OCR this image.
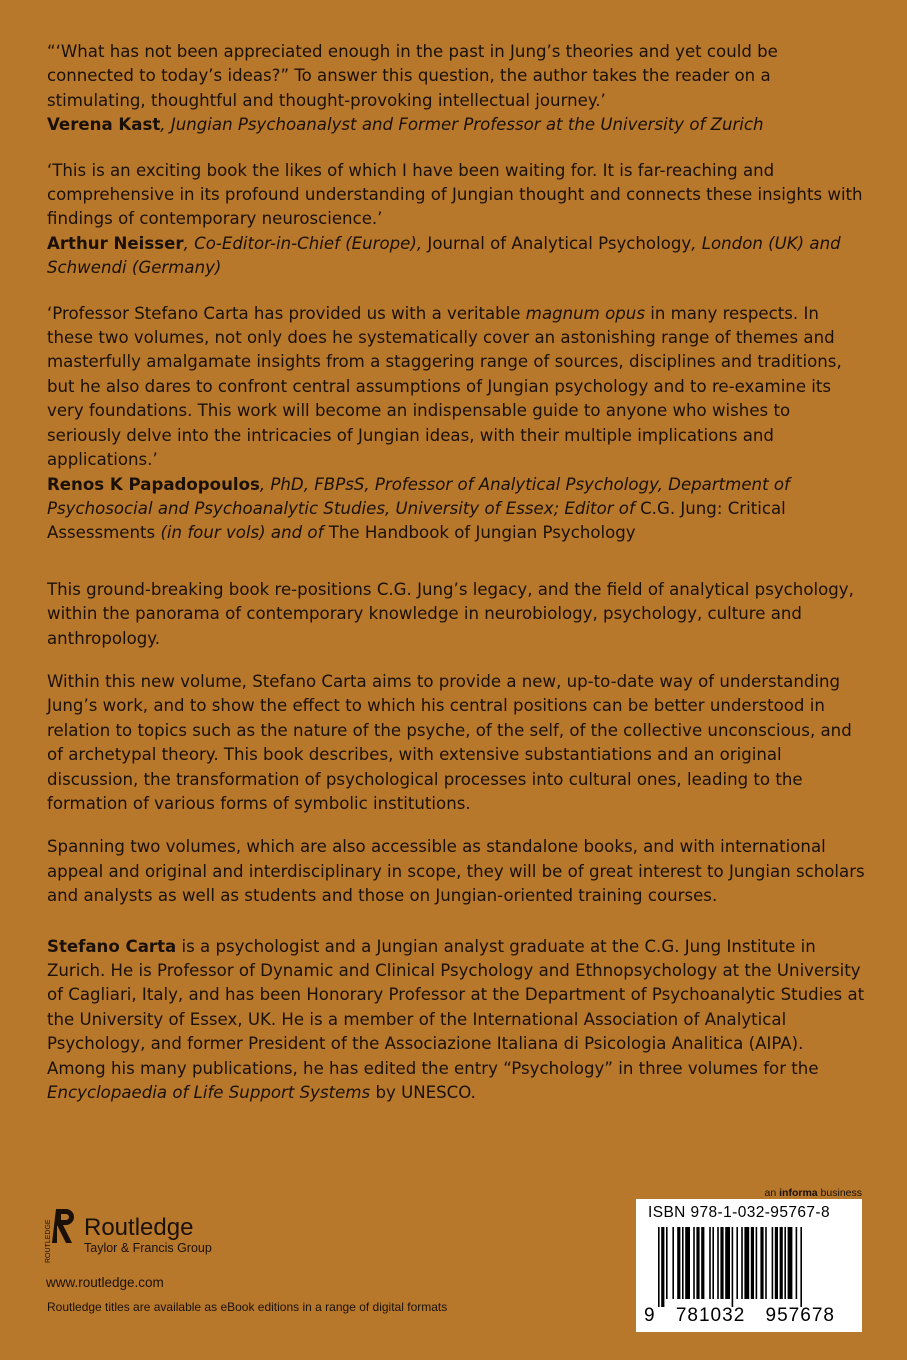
“‘What has not been appreciated enough in the past in Jung’s theories and yet could be connected to today’s ideas?” To answer this question, the author takes the reader on a stimulating, thoughtful and thought-provoking intellectual journey.’

Verena Kast, Jungian Psychoanalyst and Former Professor at the University of Zurich

‘This is an exciting book the likes of which I have been waiting for. It is far-reaching and comprehensive in its profound understanding of Jungian thought and connects these insights with findings of contemporary neuroscience.’

Arthur Neisser, Co-Editor-in-Chief (Europe), Journal of Analytical Psychology, London (UK) and Schwendi (Germany)

‘Professor Stefano Carta has provided us with a veritable magnum opus in many respects. In these two volumes, not only does he systematically cover an astonishing range of themes and masterfully amalgamate insights from a staggering range of sources, disciplines and traditions, but he also dares to confront central assumptions of Jungian psychology and to re-examine its very foundations. This work will become an indispensable guide to anyone who wishes to seriously delve into the intricacies of Jungian ideas, with their multiple implications and applications.’

Renos K Papadopoulos, PhD, FBPsS, Professor of Analytical Psychology, Department of Psychosocial and Psychoanalytic Studies, University of Essex; Editor of C.G. Jung: Critical Assessments (in four vols) and of The Handbook of Jungian Psychology

This ground-breaking book re-positions C.G. Jung’s legacy, and the field of analytical psychology, within the panorama of contemporary knowledge in neurobiology, psychology, culture and anthropology.

Within this new volume, Stefano Carta aims to provide a new, up-to-date way of understanding Jung’s work, and to show the effect to which his central positions can be better understood in relation to topics such as the nature of the psyche, of the self, of the collective unconscious, and of archetypal theory. This book describes, with extensive substantiations and an original discussion, the transformation of psychological processes into cultural ones, leading to the formation of various forms of symbolic institutions.

Spanning two volumes, which are also accessible as standalone books, and with international appeal and original and interdisciplinary in scope, they will be of great interest to Jungian scholars and analysts as well as students and those on Jungian-oriented training courses.

Stefano Carta is a psychologist and a Jungian analyst graduate at the C.G. Jung Institute in Zurich. He is Professor of Dynamic and Clinical Psychology and Ethnopsychology at the University of Cagliari, Italy, and has been Honorary Professor at the Department of Psychoanalytic Studies at the University of Essex, UK. He is a member of the International Association of Analytical Psychology, and former President of the Associazione Italiana di Psicologia Analitica (AIPA). Among his many publications, he has edited the entry “Psychology” in three volumes for the Encyclopaedia of Life Support Systems by UNESCO.

ROUTLEDGE Routledge
Taylor & Francis Group
www.routledge.com
Routledge titles are available as eBook editions in a range of digital formats
an informa business
ISBN 978-1-032-95767-8
9 781032 957678
